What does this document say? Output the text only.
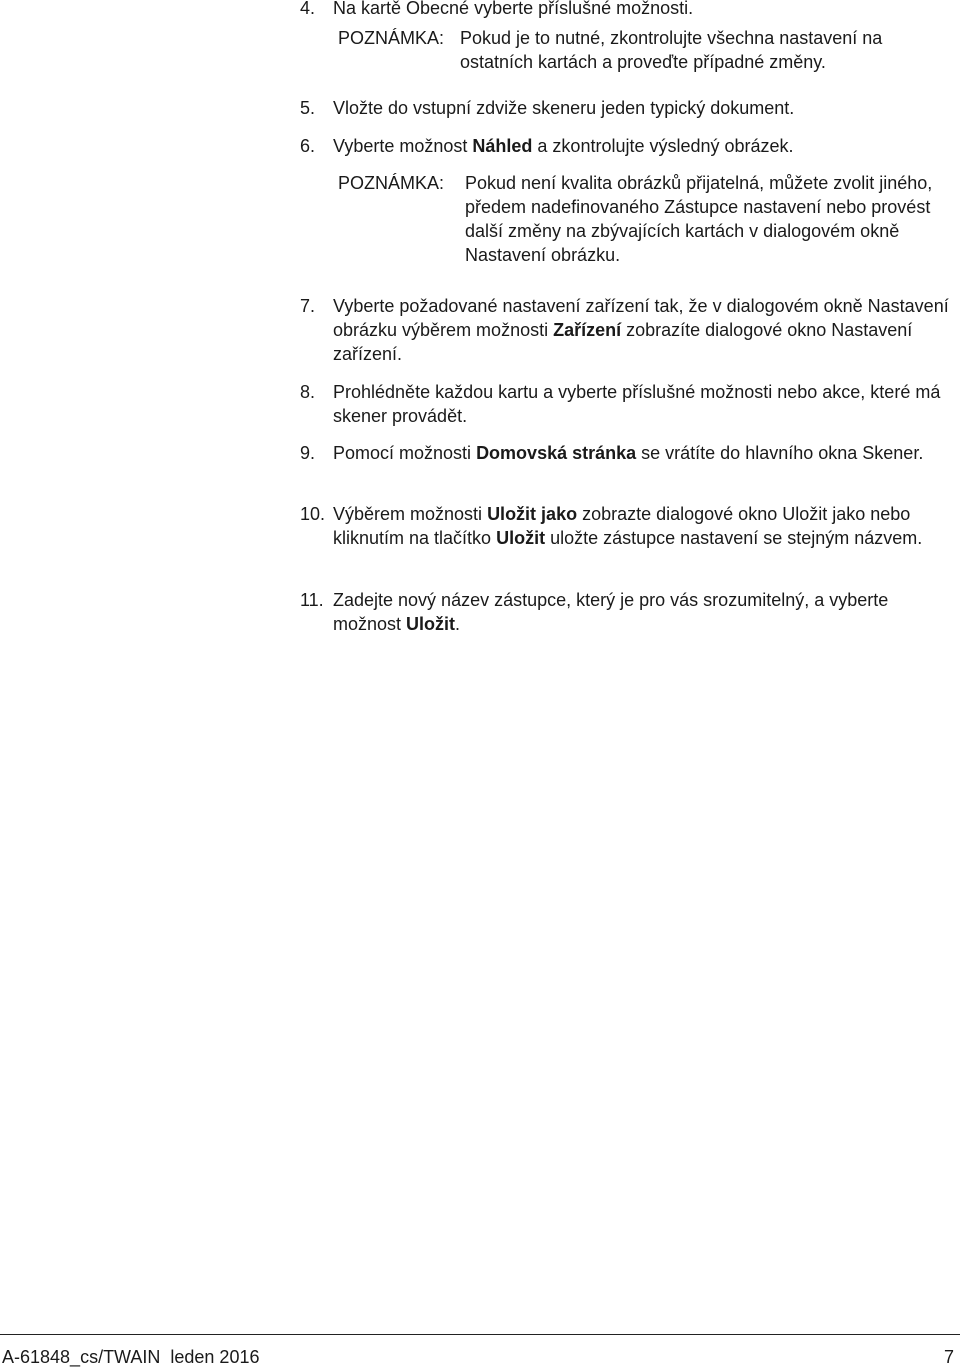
4. Na kartě Obecné vyberte příslušné možnosti.
POZNÁMKA: Pokud je to nutné, zkontrolujte všechna nastavení na ostatních kartách a proveďte případné změny.
5. Vložte do vstupní zdviže skeneru jeden typický dokument.
6. Vyberte možnost Náhled a zkontrolujte výsledný obrázek.
POZNÁMKA: Pokud není kvalita obrázků přijatelná, můžete zvolit jiného, předem nadefinovaného Zástupce nastavení nebo provést další změny na zbývajících kartách v dialogovém okně Nastavení obrázku.
7. Vyberte požadované nastavení zařízení tak, že v dialogovém okně Nastavení obrázku výběrem možnosti Zařízení zobrazíte dialogové okno Nastavení zařízení.
8. Prohlédněte každou kartu a vyberte příslušné možnosti nebo akce, které má skener provádět.
9. Pomocí možnosti Domovská stránka se vrátíte do hlavního okna Skener.
10. Výběrem možnosti Uložit jako zobrazte dialogové okno Uložit jako nebo kliknutím na tlačítko Uložit uložte zástupce nastavení se stejným názvem.
11. Zadejte nový název zástupce, který je pro vás srozumitelný, a vyberte možnost Uložit.
A-61848_cs/TWAIN  leden 2016	7
